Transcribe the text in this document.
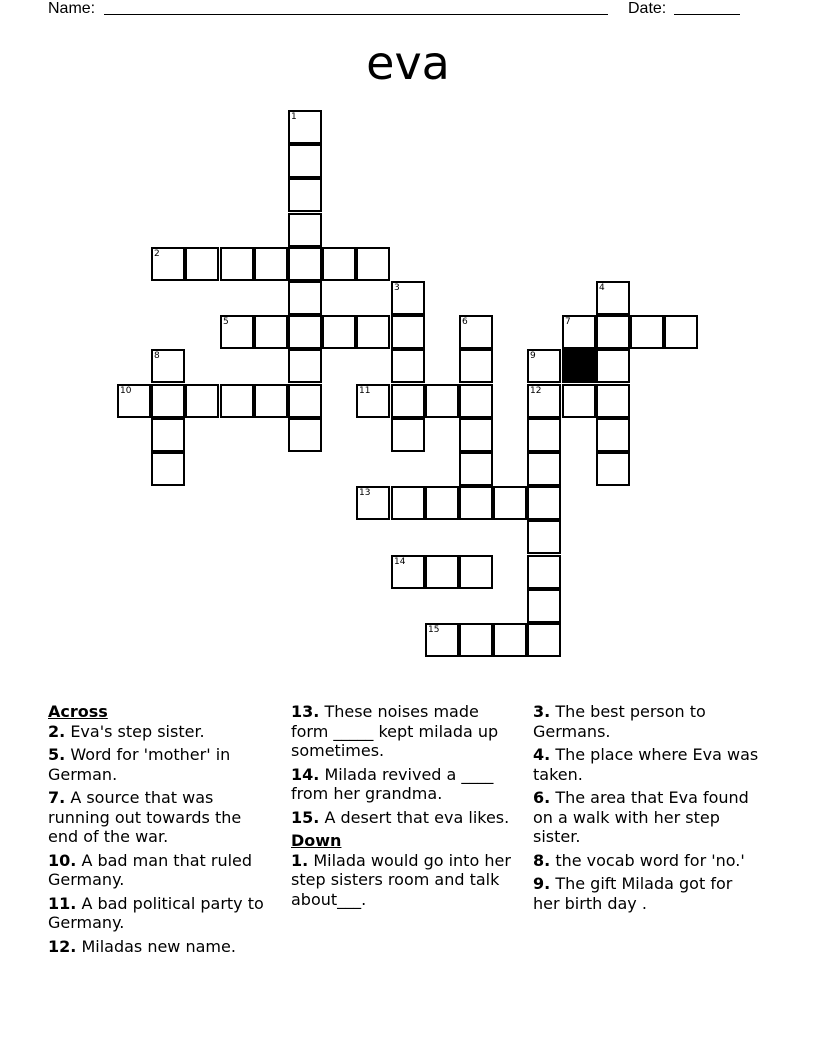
Name:	Date:
eva
1
2
3	4
5	6	7
8	9
10	11	12
13
14
15
Across
2. Eva's step sister.
5. Word for 'mother' in German.
7. A source that was running out towards the end of the war.
10. A bad man that ruled Germany.
11. A bad political party to Germany.
12. Miladas new name.
13. These noises made form _____ kept milada up sometimes.
14. Milada revived a ____ from her grandma.
15. A desert that eva likes.
Down
1. Milada would go into her step sisters room and talk about___.
3. The best person to Germans.
4. The place where Eva was taken.
6. The area that Eva found on a walk with her step sister.
8. the vocab word for 'no.'
9. The gift Milada got for her birth day .
